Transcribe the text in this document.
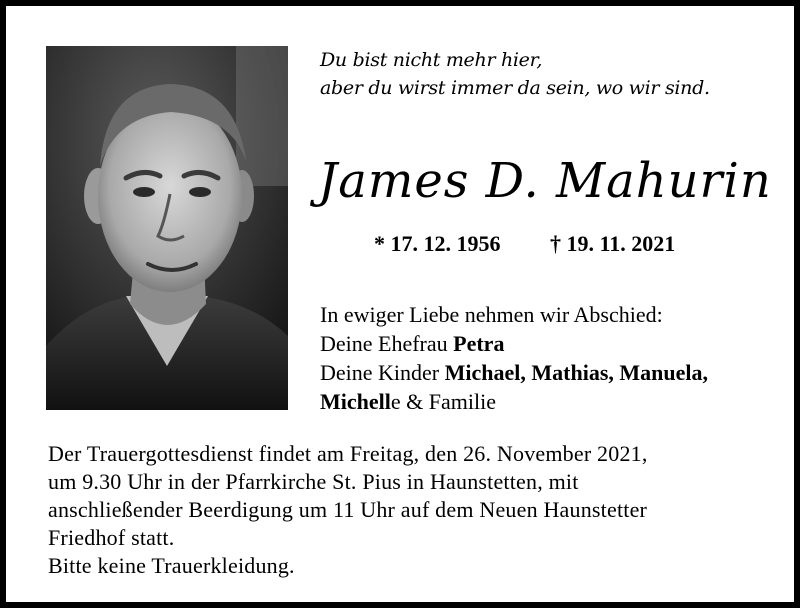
Du bist nicht mehr hier,
aber du wirst immer da sein, wo wir sind.
James D. Mahurin
* 17. 12. 1956 † 19. 11. 2021
In ewiger Liebe nehmen wir Abschied:
Deine Ehefrau Petra
Deine Kinder Michael, Mathias, Manuela,
Michelle & Familie
Der Trauergottesdienst findet am Freitag, den 26. November 2021,
um 9.30 Uhr in der Pfarrkirche St. Pius in Haunstetten, mit
anschließender Beerdigung um 11 Uhr auf dem Neuen Haunstetter
Friedhof statt.
Bitte keine Trauerkleidung.
